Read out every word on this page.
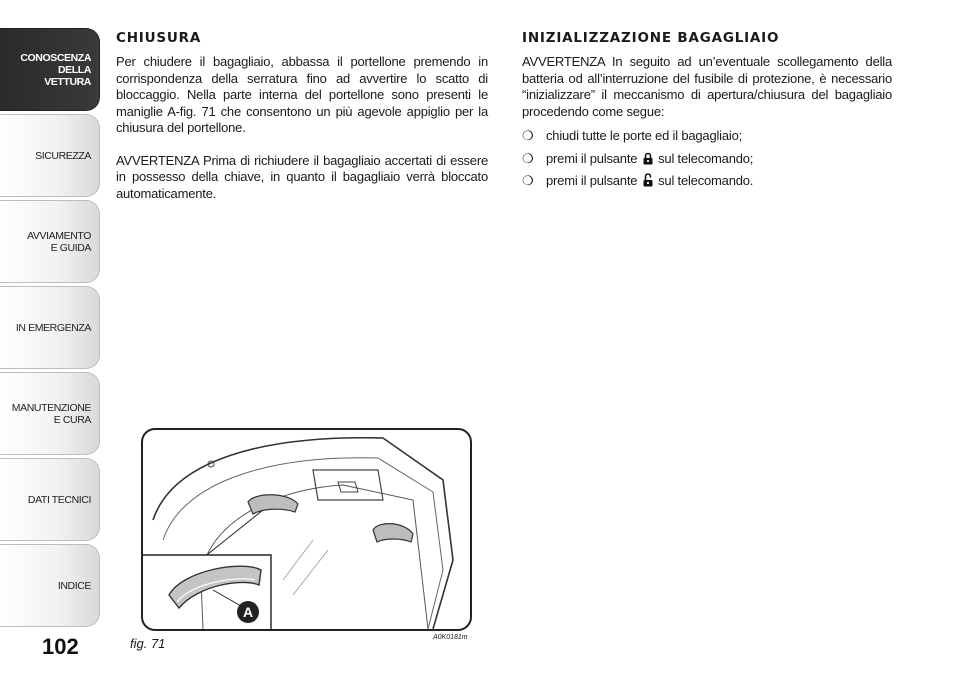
CONOSCENZA
DELLA
VETTURA
SICUREZZA
AVVIAMENTO
E GUIDA
IN EMERGENZA
MANUTENZIONE
E CURA
DATI TECNICI
INDICE
102
CHIUSURA

Per chiudere il bagagliaio, abbassa il portellone premendo in corrispondenza della serratura fino ad avvertire lo scatto di bloccaggio. Nella parte interna del portellone sono presenti le maniglie A-fig. 71 che consentono un più agevole appiglio per la chiusura del portellone.

AVVERTENZA Prima di richiudere il bagagliaio accertati di essere in possesso della chiave, in quanto il bagagliaio verrà bloccato automaticamente.

INIZIALIZZAZIONE BAGAGLIAIO

AVVERTENZA In seguito ad un’eventuale scollegamento della batteria od all’interruzione del fusibile di protezione, è necessario “inizializzare” il meccanismo di apertura/chiusura del bagagliaio procedendo come segue:

❍ chiudi tutte le porte ed il bagagliaio;
❍ premi il pulsante sul telecomando;
❍ premi il pulsante sul telecomando.
A
fig. 71	A0K0181m
